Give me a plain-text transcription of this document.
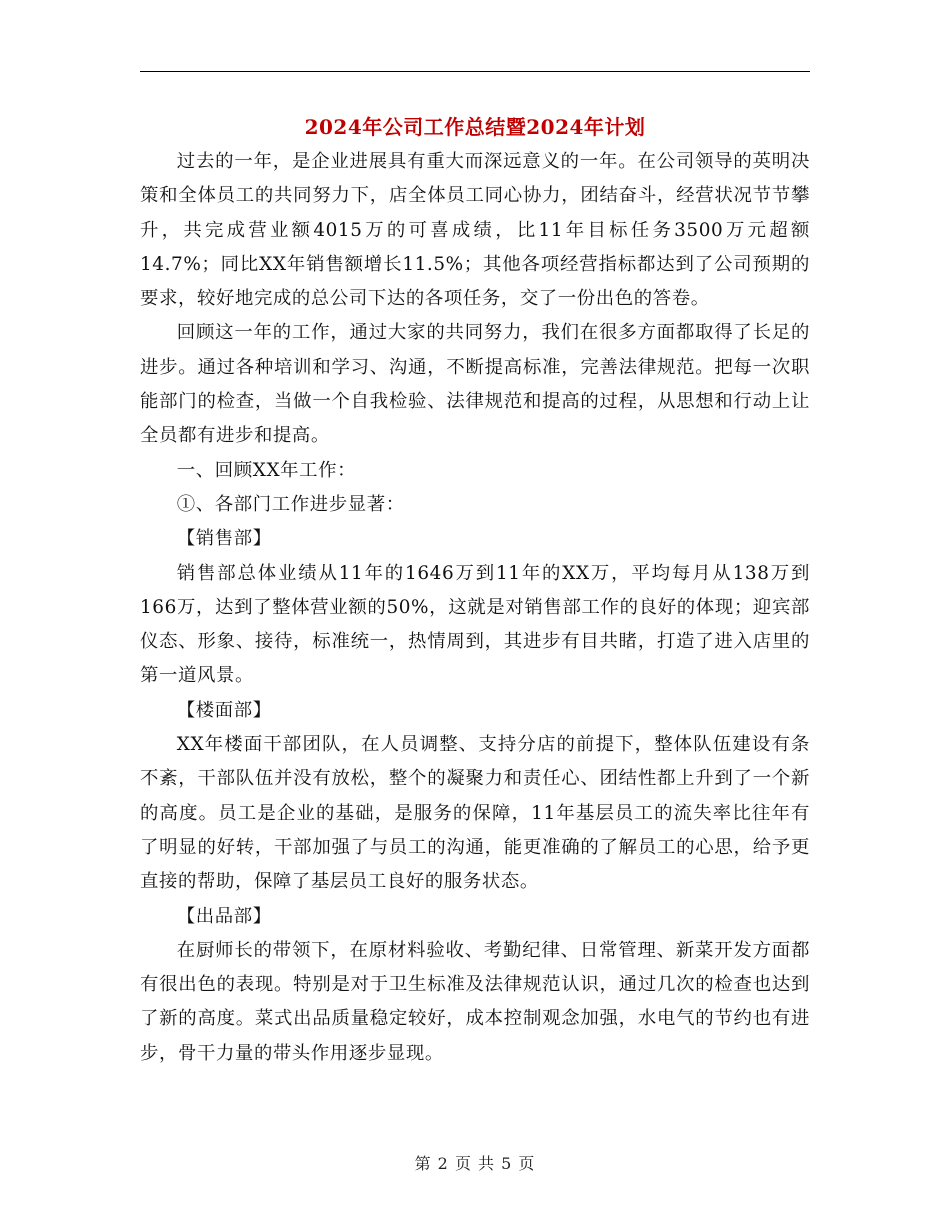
2024年公司工作总结暨2024年计划

过去的一年，是企业进展具有重大而深远意义的一年。在公司领导的英明决策和全体员工的共同努力下，店全体员工同心协力，团结奋斗，经营状况节节攀升，共完成营业额4015万的可喜成绩，比11年目标任务3500万元超额14.7%；同比XX年销售额增长11.5%；其他各项经营指标都达到了公司预期的要求，较好地完成的总公司下达的各项任务，交了一份出色的答卷。

回顾这一年的工作，通过大家的共同努力，我们在很多方面都取得了长足的进步。通过各种培训和学习、沟通，不断提高标准，完善法律规范。把每一次职能部门的检查，当做一个自我检验、法律规范和提高的过程，从思想和行动上让全员都有进步和提高。

一、回顾XX年工作：

①、各部门工作进步显著：

【销售部】

销售部总体业绩从11年的1646万到11年的XX万，平均每月从138万到166万，达到了整体营业额的50%，这就是对销售部工作的良好的体现；迎宾部仪态、形象、接待，标准统一，热情周到，其进步有目共睹，打造了进入店里的第一道风景。

【楼面部】

XX年楼面干部团队，在人员调整、支持分店的前提下，整体队伍建设有条不紊，干部队伍并没有放松，整个的凝聚力和责任心、团结性都上升到了一个新的高度。员工是企业的基础，是服务的保障，11年基层员工的流失率比往年有了明显的好转，干部加强了与员工的沟通，能更准确的了解员工的心思，给予更直接的帮助，保障了基层员工良好的服务状态。

【出品部】

在厨师长的带领下，在原材料验收、考勤纪律、日常管理、新菜开发方面都有很出色的表现。特别是对于卫生标准及法律规范认识，通过几次的检查也达到了新的高度。菜式出品质量稳定较好，成本控制观念加强，水电气的节约也有进步，骨干力量的带头作用逐步显现。

第 2 页 共 5 页
